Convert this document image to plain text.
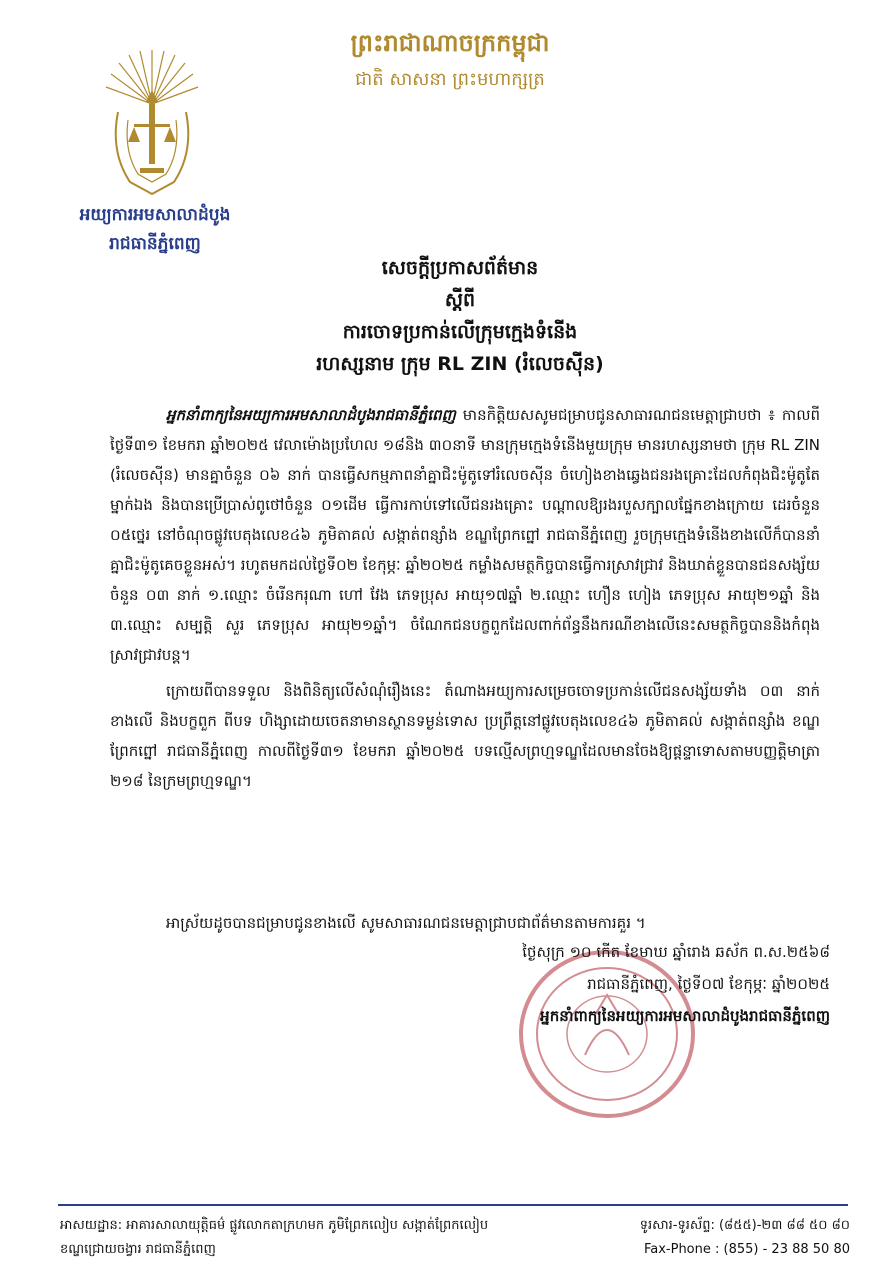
ព្រះរាជាណាចក្រកម្ពុជា
ជាតិ សាសនា ព្រះមហាក្សត្រ
អយ្យការអមសាលាដំបូង
រាជធានីភ្នំពេញ
សេចក្តីប្រកាសព័ត៌មាន
ស្តីពី
ការចោទប្រកាន់លើក្រុមក្មេងទំនើង
រហស្សនាម ក្រុម RL ZIN (រំលេចស៊ីន)

អ្នកនាំពាក្យនៃអយ្យការអមសាលាដំបូងរាជធានីភ្នំពេញ មានកិត្តិយសសូមជម្រាបជូនសាធារណជនមេត្តាជ្រាបថា ៖ កាលពីថ្ងៃទី៣១ ខែមករា ឆ្នាំ២០២៥ វេលាម៉ោងប្រហែល ១៨និង ៣០នាទី មានក្រុមក្មេងទំនើងមួយក្រុម មានរហស្សនាមថា ក្រុម RL ZIN (រំលេចស៊ីន) មានគ្នាចំនួន ០៦ នាក់ បានធ្វើសកម្មភាពនាំគ្នាជិះម៉ូតូទៅរំលេចស៊ីន ចំហៀងខាងឆ្វេងជនរងគ្រោះដែលកំពុងជិះម៉ូតូតែម្នាក់ឯង និងបានប្រើប្រាស់ពូថៅចំនួន ០១ដើម ធ្វើការកាប់ទៅលើជនរងគ្រោះ បណ្តាលឱ្យរងរបួសក្បាលផ្នែកខាងក្រោយ ដេរចំនួន ០៥ថ្នេរ នៅចំណុចផ្លូវបេតុងលេខ៤៦ ភូមិតាគល់ សង្កាត់ពន្សាំង ខណ្ឌព្រែកព្នៅ រាជធានីភ្នំពេញ រួចក្រុមក្មេងទំនើងខាងលើក៏បាននាំគ្នាជិះម៉ូតូគេចខ្លួនអស់។ រហូតមកដល់ថ្ងៃទី០២ ខែកុម្ភៈ ឆ្នាំ២០២៥ កម្លាំងសមត្ថកិច្ចបានធ្វើការស្រាវជ្រាវ និងឃាត់ខ្លួនបានជនសង្ស័យចំនួន ០៣ នាក់ ១.ឈ្មោះ ចំរើនករុណា ហៅ វែង ភេទប្រុស អាយុ១៧ឆ្នាំ ២.ឈ្មោះ ហឿន ហៀង ភេទប្រុស អាយុ២១ឆ្នាំ និង ៣.ឈ្មោះ សម្បត្តិ សួរ ភេទប្រុស អាយុ២១ឆ្នាំ។ ចំណែកជនបក្ខពួកដែលពាក់ព័ន្ធនឹងករណីខាងលើនេះសមត្ថកិច្ចបាននិងកំពុងស្រាវជ្រាវបន្ត។

ក្រោយពីបានទទួល និងពិនិត្យលើសំណុំរឿងនេះ តំណាងអយ្យការសម្រេចចោទប្រកាន់លើជនសង្ស័យទាំង ០៣ នាក់ខាងលើ និងបក្ខពួក ពីបទ ហិង្សាដោយចេតនាមានស្ថានទម្ងន់ទោស ប្រព្រឹត្តនៅផ្លូវបេតុងលេខ៤៦ ភូមិតាគល់ សង្កាត់ពន្សាំង ខណ្ឌព្រែកព្នៅ រាជធានីភ្នំពេញ កាលពីថ្ងៃទី៣១ ខែមករា ឆ្នាំ២០២៥ បទល្មើសព្រហ្មទណ្ឌដែលមានចែងឱ្យផ្តន្ទាទោសតាមបញ្ញត្តិមាត្រា ២១៨ នៃក្រមព្រហ្មទណ្ឌ។

អាស្រ័យដូចបានជម្រាបជូនខាងលើ សូមសាធារណជនមេត្តាជ្រាបជាព័ត៌មានតាមការគួរ ។
ថ្ងៃសុក្រ ១០ កើត ខែមាឃ ឆ្នាំរោង ឆស័ក ព.ស.២៥៦៨
រាជធានីភ្នំពេញ, ថ្ងៃទី០៧ ខែកុម្ភៈ ឆ្នាំ២០២៥
អ្នកនាំពាក្យនៃអយ្យការអមសាលាដំបូងរាជធានីភ្នំពេញ
អាសយដ្ឋាន: អាគារសាលាយុត្តិធម៌ ផ្លូវលោកតាក្រហមក ភូមិព្រែកលៀប សង្កាត់ព្រែកលៀប
ខណ្ឌជ្រោយចង្វារ រាជធានីភ្នំពេញ
ទូរសារ-ទូរស័ព្ទ: (៨៥៥)-២៣ ៨៨ ៥០ ៨០
Fax-Phone : (855) - 23 88 50 80
